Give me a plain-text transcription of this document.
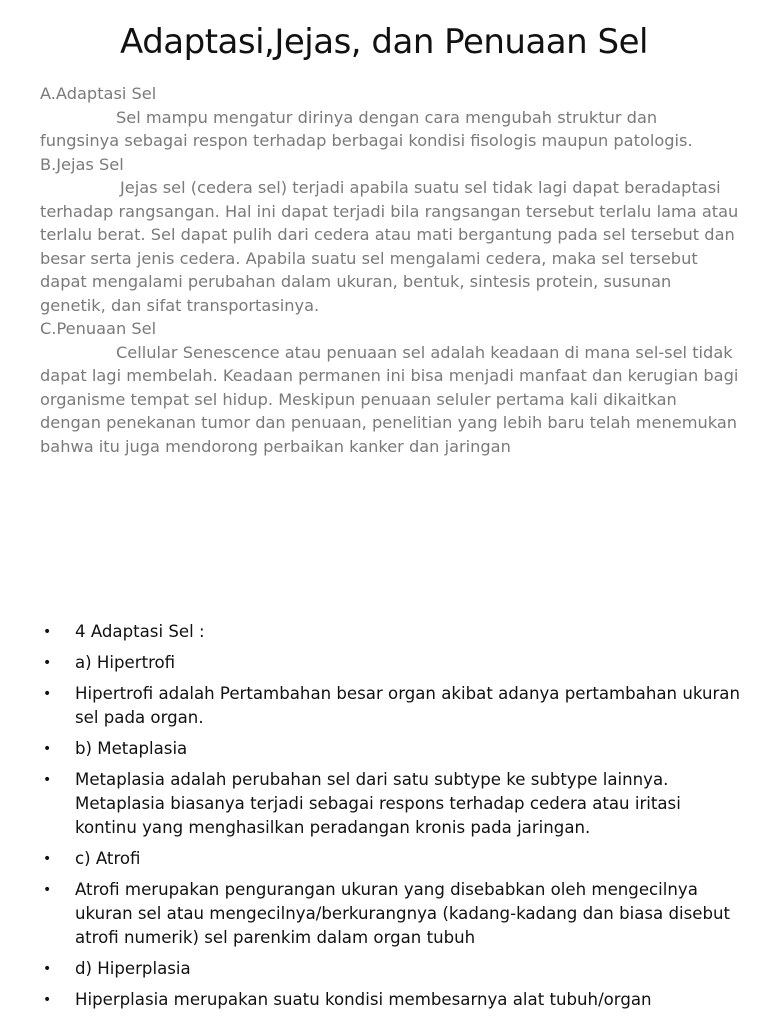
Adaptasi,Jejas, dan Penuaan Sel
A.Adaptasi Sel

Sel mampu mengatur dirinya dengan cara mengubah struktur dan fungsinya sebagai respon terhadap berbagai kondisi fisologis maupun patologis.

B.Jejas Sel

Jejas sel (cedera sel) terjadi apabila suatu sel tidak lagi dapat beradaptasi terhadap rangsangan. Hal ini dapat terjadi bila rangsangan tersebut terlalu lama atau terlalu berat. Sel dapat pulih dari cedera atau mati bergantung pada sel tersebut dan besar serta jenis cedera. Apabila suatu sel mengalami cedera, maka sel tersebut dapat mengalami perubahan dalam ukuran, bentuk, sintesis protein, susunan genetik, dan sifat transportasinya.

C.Penuaan Sel

Cellular Senescence atau penuaan sel adalah keadaan di mana sel-sel tidak dapat lagi membelah. Keadaan permanen ini bisa menjadi manfaat dan kerugian bagi organisme tempat sel hidup. Meskipun penuaan seluler pertama kali dikaitkan dengan penekanan tumor dan penuaan, penelitian yang lebih baru telah menemukan bahwa itu juga mendorong perbaikan kanker dan jaringan

• 4 Adaptasi Sel :
• a) Hipertrofi
• Hipertrofi adalah Pertambahan besar organ akibat adanya pertambahan ukuran sel pada organ.
• b) Metaplasia
• Metaplasia adalah perubahan sel dari satu subtype ke subtype lainnya. Metaplasia biasanya terjadi sebagai respons terhadap cedera atau iritasi kontinu yang menghasilkan peradangan kronis pada jaringan.
• c) Atrofi
• Atrofi merupakan pengurangan ukuran yang disebabkan oleh mengecilnya ukuran sel atau mengecilnya/berkurangnya (kadang-kadang dan biasa disebut atrofi numerik) sel parenkim dalam organ tubuh
• d) Hiperplasia
• Hiperplasia merupakan suatu kondisi membesarnya alat tubuh/organ
